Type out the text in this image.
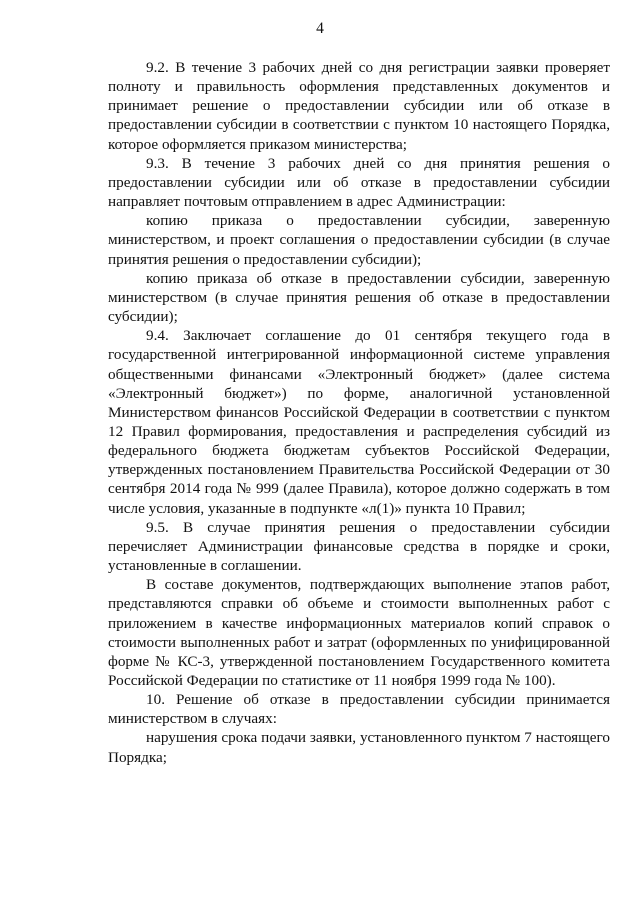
4

9.2. В течение 3 рабочих дней со дня регистрации заявки проверяет полноту и правильность оформления представленных документов и принимает решение о предоставлении субсидии или об отказе в предоставлении субсидии в соответствии с пунктом 10 настоящего Порядка, которое оформляется приказом министерства;

9.3. В течение 3 рабочих дней со дня принятия решения о предоставлении субсидии или об отказе в предоставлении субсидии направляет почтовым отправлением в адрес Администрации:

копию приказа о предоставлении субсидии, заверенную министерством, и проект соглашения о предоставлении субсидии (в случае принятия решения о предоставлении субсидии);

копию приказа об отказе в предоставлении субсидии, заверенную министерством (в случае принятия решения об отказе в предоставлении субсидии);

9.4. Заключает соглашение до 01 сентября текущего года в государственной интегрированной информационной системе управления общественными финансами «Электронный бюджет» (далее система «Электронный бюджет») по форме, аналогичной установленной Министерством финансов Российской Федерации в соответствии с пунктом 12 Правил формирования, предоставления и распределения субсидий из федерального бюджета бюджетам субъектов Российской Федерации, утвержденных постановлением Правительства Российской Федерации от 30 сентября 2014 года № 999 (далее Правила), которое должно содержать в том числе условия, указанные в подпункте «л(1)» пункта 10 Правил;

9.5. В случае принятия решения о предоставлении субсидии перечисляет Администрации финансовые средства в порядке и сроки, установленные в соглашении.

В составе документов, подтверждающих выполнение этапов работ, представляются справки об объеме и стоимости выполненных работ с приложением в качестве информационных материалов копий справок о стоимости выполненных работ и затрат (оформленных по унифицированной форме № КС-3, утвержденной постановлением Государственного комитета Российской Федерации по статистике от 11 ноября 1999 года № 100).

10. Решение об отказе в предоставлении субсидии принимается министерством в случаях:

нарушения срока подачи заявки, установленного пунктом 7 настоящего Порядка;
